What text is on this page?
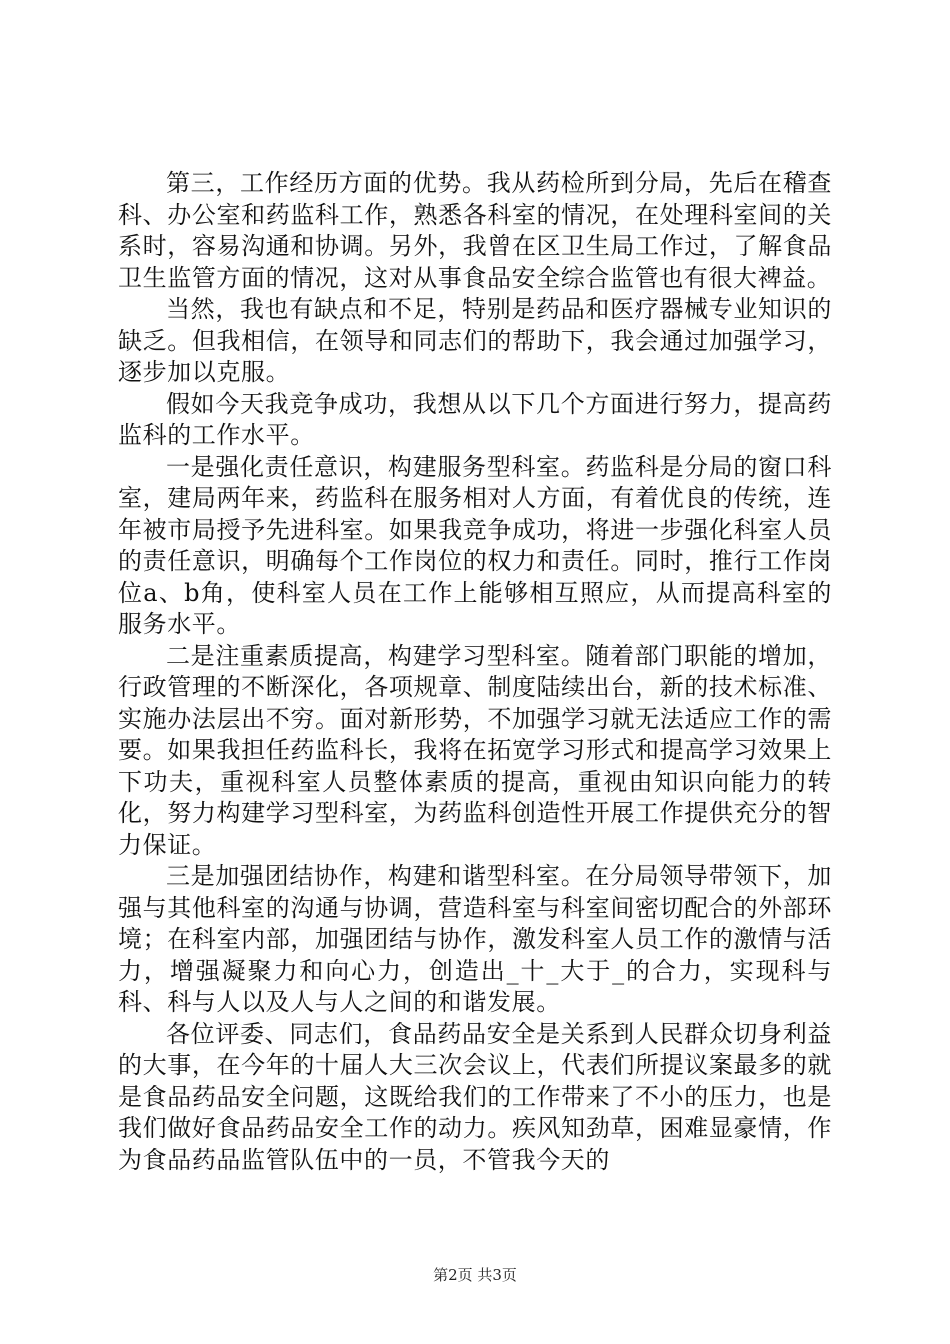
第三，工作经历方面的优势。我从药检所到分局，先后在稽查科、办公室和药监科工作，熟悉各科室的情况，在处理科室间的关系时，容易沟通和协调。另外，我曾在区卫生局工作过，了解食品卫生监管方面的情况，这对从事食品安全综合监管也有很大裨益。

当然，我也有缺点和不足，特别是药品和医疗器械专业知识的缺乏。但我相信，在领导和同志们的帮助下，我会通过加强学习，逐步加以克服。

假如今天我竞争成功，我想从以下几个方面进行努力，提高药监科的工作水平。

一是强化责任意识，构建服务型科室。药监科是分局的窗口科室，建局两年来，药监科在服务相对人方面，有着优良的传统，连年被市局授予先进科室。如果我竞争成功，将进一步强化科室人员的责任意识，明确每个工作岗位的权力和责任。同时，推行工作岗位a、b角，使科室人员在工作上能够相互照应，从而提高科室的服务水平。

二是注重素质提高，构建学习型科室。随着部门职能的增加，行政管理的不断深化，各项规章、制度陆续出台，新的技术标准、实施办法层出不穷。面对新形势，不加强学习就无法适应工作的需要。如果我担任药监科长，我将在拓宽学习形式和提高学习效果上下功夫，重视科室人员整体素质的提高，重视由知识向能力的转化，努力构建学习型科室，为药监科创造性开展工作提供充分的智力保证。

三是加强团结协作，构建和谐型科室。在分局领导带领下，加强与其他科室的沟通与协调，营造科室与科室间密切配合的外部环境；在科室内部，加强团结与协作，激发科室人员工作的激情与活力，增强凝聚力和向心力，创造出_十_大于_的合力，实现科与科、科与人以及人与人之间的和谐发展。

各位评委、同志们，食品药品安全是关系到人民群众切身利益的大事，在今年的十届人大三次会议上，代表们所提议案最多的就是食品药品安全问题，这既给我们的工作带来了不小的压力，也是我们做好食品药品安全工作的动力。疾风知劲草，困难显豪情，作为食品药品监管队伍中的一员，不管我今天的

第2页 共3页
